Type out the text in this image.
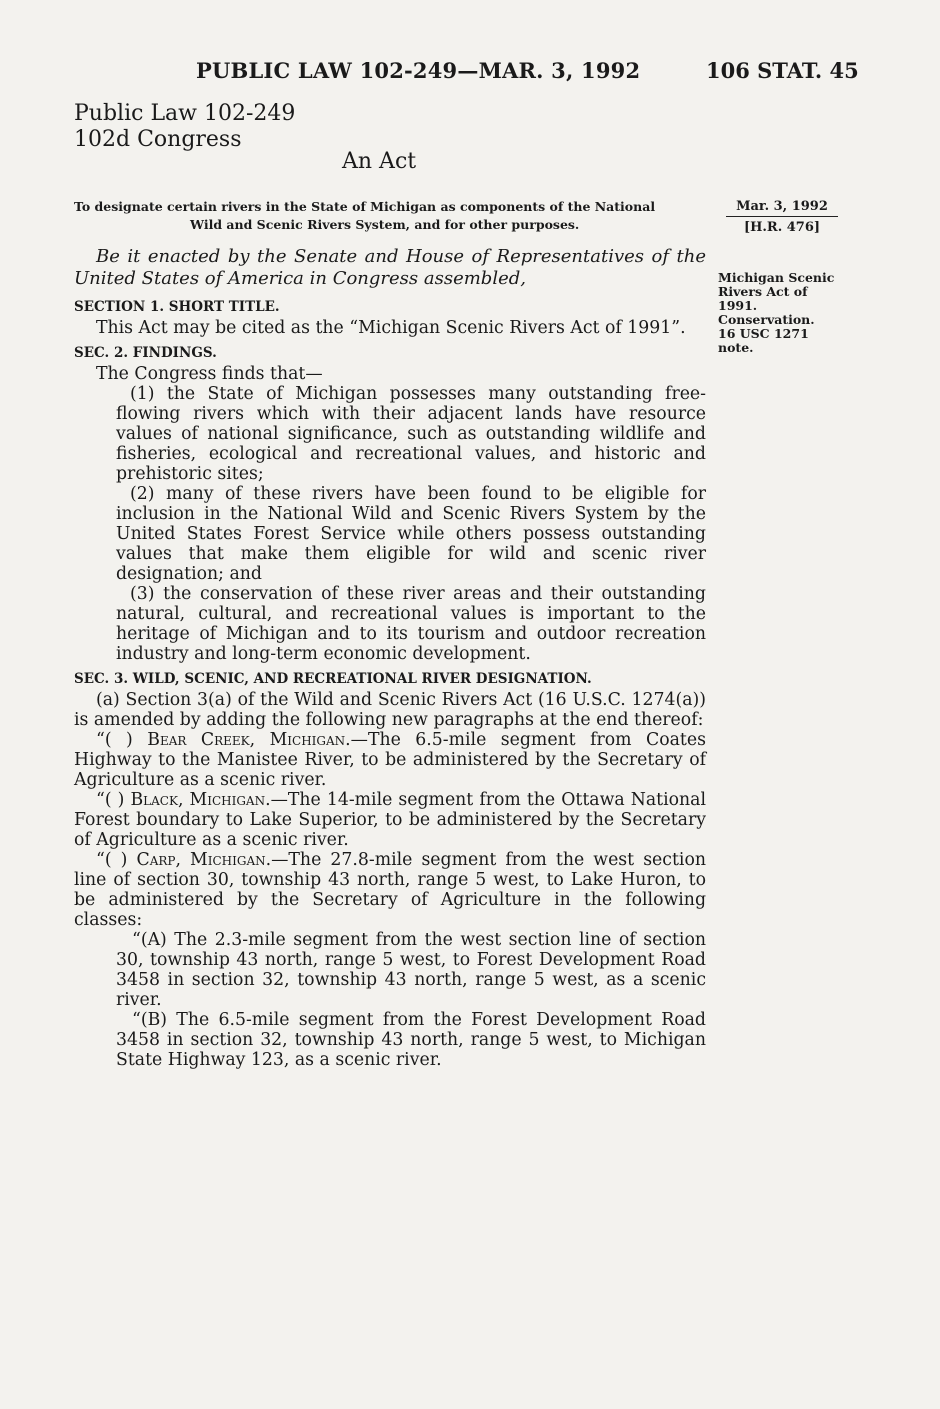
PUBLIC LAW 102-249—MAR. 3, 1992	106 STAT. 45
Public Law 102-249
102d Congress
An Act
To designate certain rivers in the State of Michigan as components of the National
Wild and Scenic Rivers System, and for other purposes.
Mar. 3, 1992
[H.R. 476]
Michigan Scenic
Rivers Act of
1991.
Conservation.
16 USC 1271
note.

Be it enacted by the Senate and House of Representatives of the United States of America in Congress assembled,

SECTION 1. SHORT TITLE.

This Act may be cited as the “Michigan Scenic Rivers Act of 1991”.

SEC. 2. FINDINGS.

The Congress finds that—

(1) the State of Michigan possesses many outstanding free-flowing rivers which with their adjacent lands have resource values of national significance, such as outstanding wildlife and fisheries, ecological and recreational values, and historic and prehistoric sites;

(2) many of these rivers have been found to be eligible for inclusion in the National Wild and Scenic Rivers System by the United States Forest Service while others possess outstanding values that make them eligible for wild and scenic river designation; and

(3) the conservation of these river areas and their outstanding natural, cultural, and recreational values is important to the heritage of Michigan and to its tourism and outdoor recreation industry and long-term economic development.

SEC. 3. WILD, SCENIC, AND RECREATIONAL RIVER DESIGNATION.

(a) Section 3(a) of the Wild and Scenic Rivers Act (16 U.S.C. 1274(a)) is amended by adding the following new paragraphs at the end thereof:

“( ) Bear Creek, Michigan.—The 6.5-mile segment from Coates Highway to the Manistee River, to be administered by the Secretary of Agriculture as a scenic river.

“( ) Black, Michigan.—The 14-mile segment from the Ottawa National Forest boundary to Lake Superior, to be administered by the Secretary of Agriculture as a scenic river.

“( ) Carp, Michigan.—The 27.8-mile segment from the west section line of section 30, township 43 north, range 5 west, to Lake Huron, to be administered by the Secretary of Agriculture in the following classes:

“(A) The 2.3-mile segment from the west section line of section 30, township 43 north, range 5 west, to Forest Development Road 3458 in section 32, township 43 north, range 5 west, as a scenic river.

“(B) The 6.5-mile segment from the Forest Development Road 3458 in section 32, township 43 north, range 5 west, to Michigan State Highway 123, as a scenic river.
